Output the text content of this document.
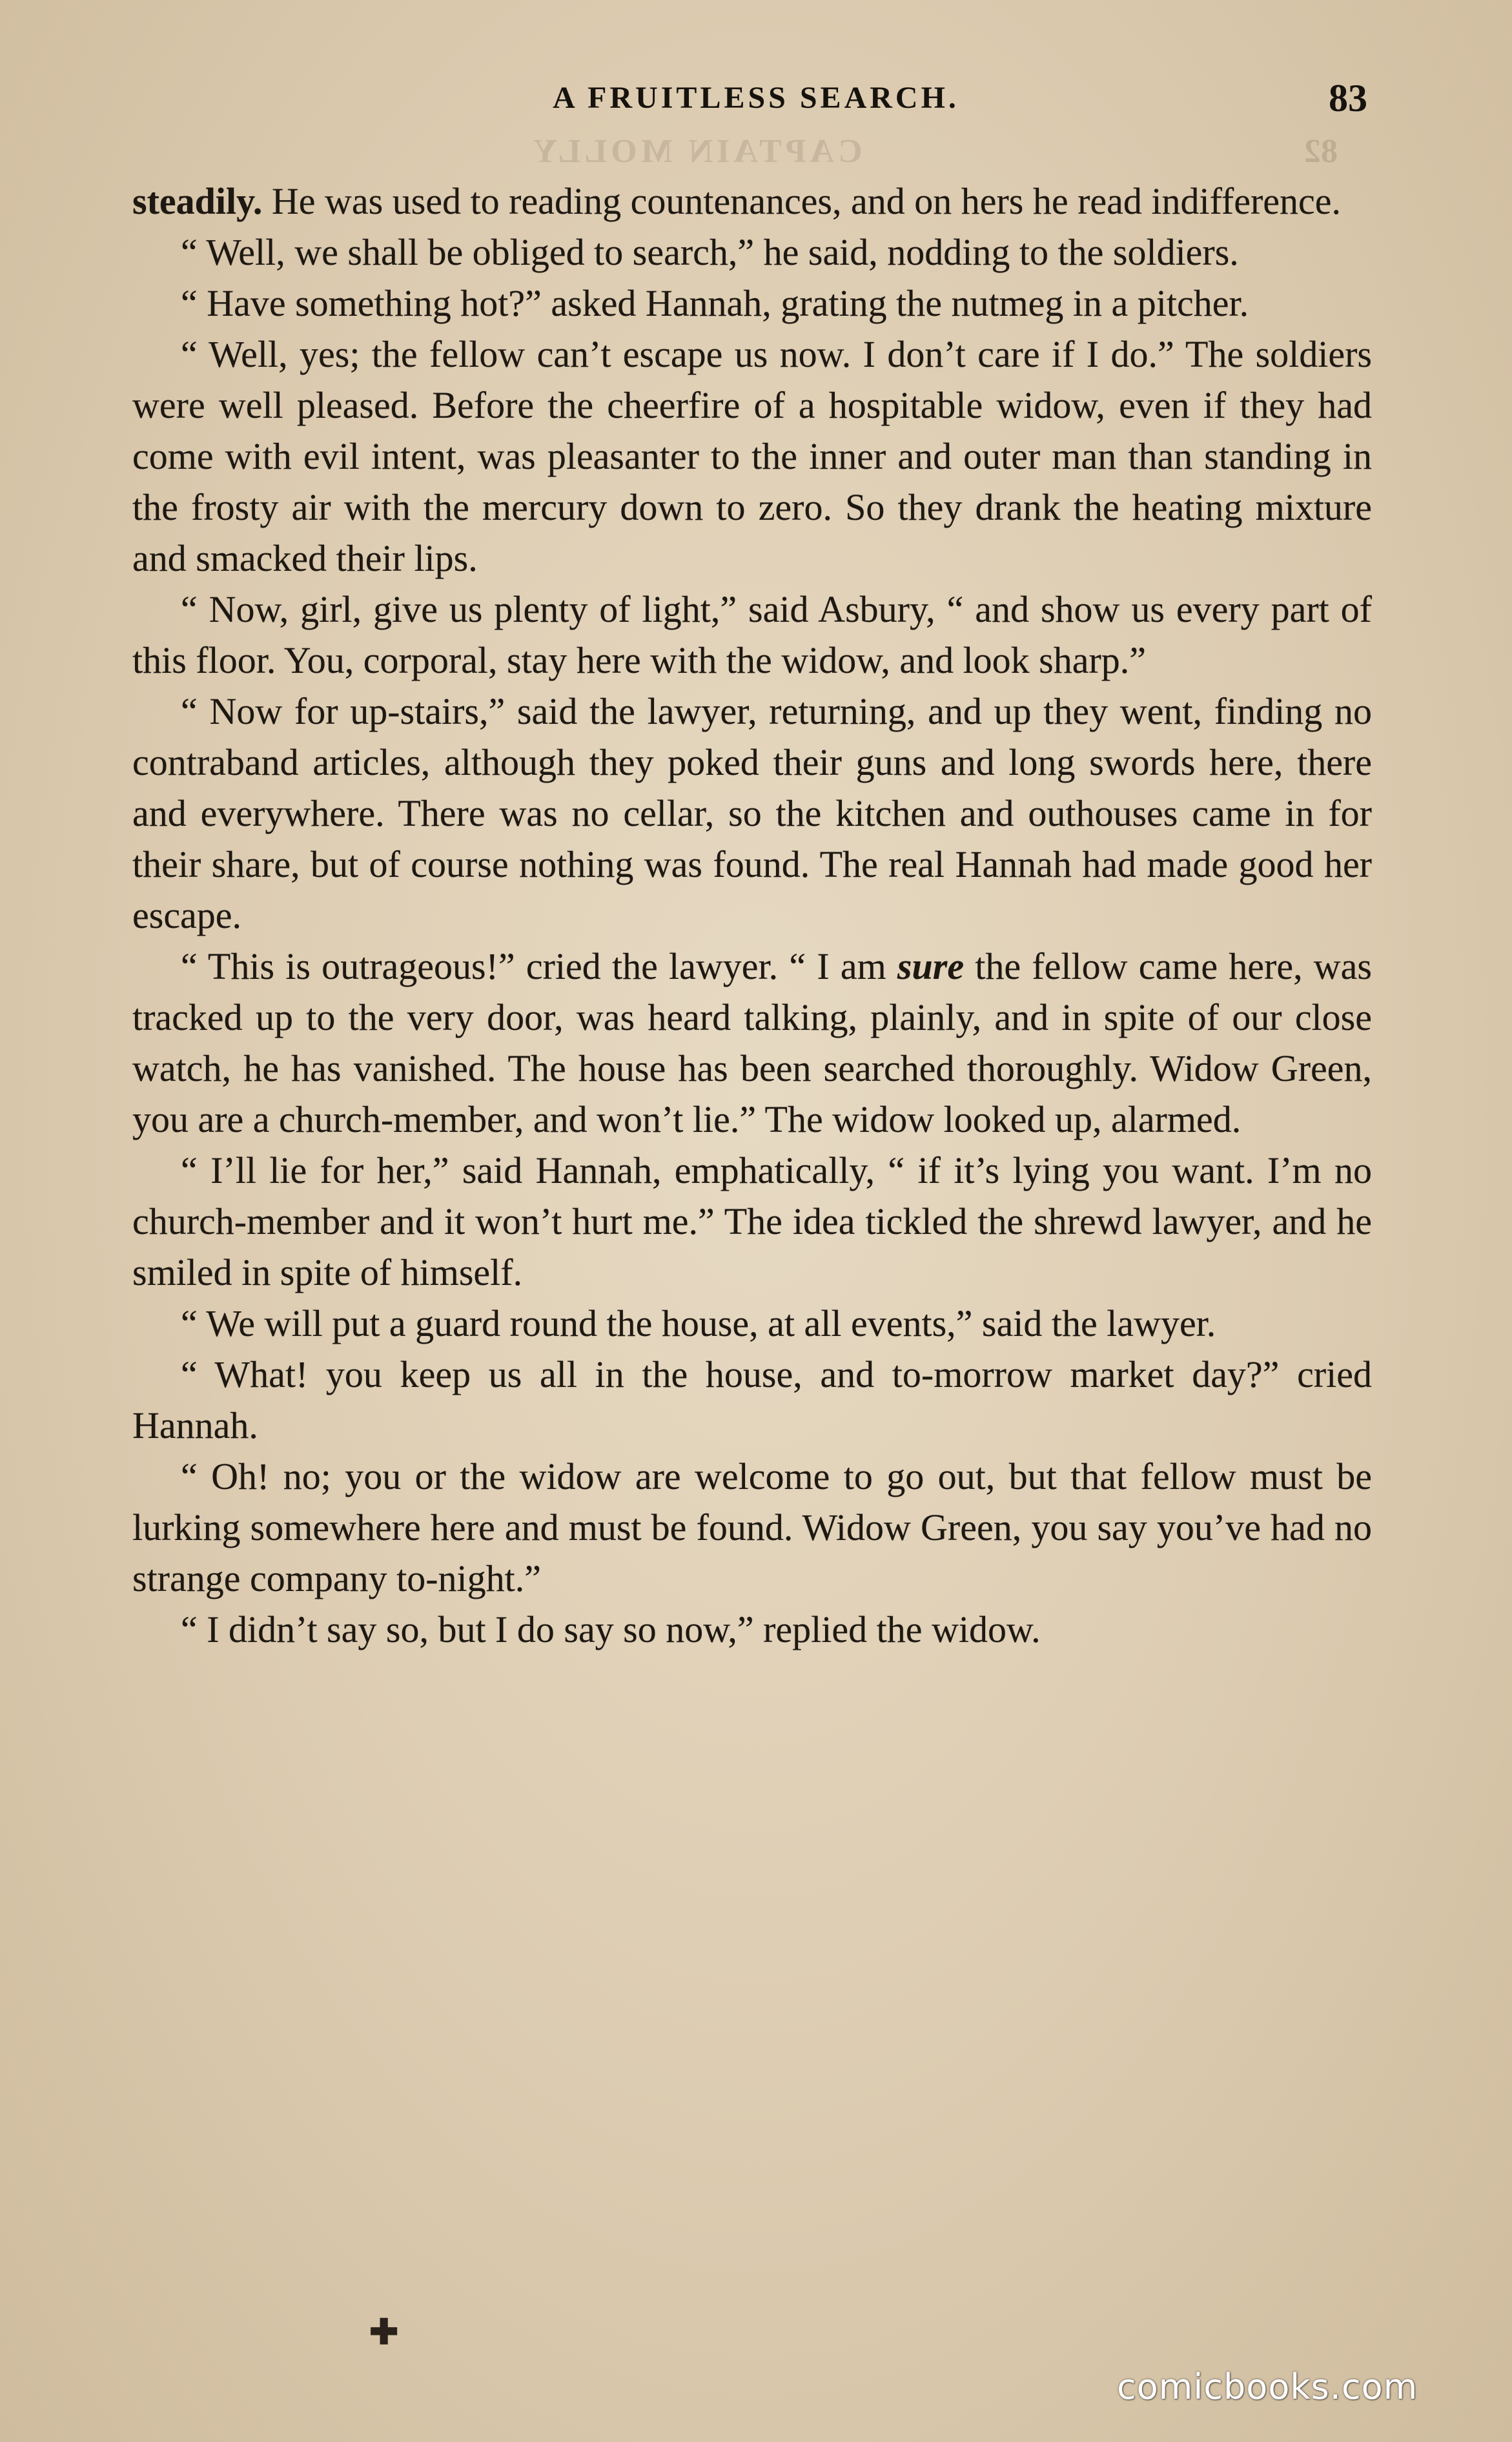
CAPTAIN MOLLY	82
A FRUITLESS SEARCH.	83

steadily. He was used to reading countenances, and on hers he read indifference.

“ Well, we shall be obliged to search,” he said, nodding to the soldiers.

“ Have something hot?” asked Hannah, grating the nutmeg in a pitcher.

“ Well, yes; the fellow can’t escape us now. I don’t care if I do.” The soldiers were well pleased. Before the cheerfire of a hospitable widow, even if they had come with evil intent, was pleasanter to the inner and outer man than standing in the frosty air with the mercury down to zero. So they drank the heating mixture and smacked their lips.

“ Now, girl, give us plenty of light,” said Asbury, “ and show us every part of this floor. You, corporal, stay here with the widow, and look sharp.”

“ Now for up-stairs,” said the lawyer, returning, and up they went, finding no contraband articles, although they poked their guns and long swords here, there and everywhere. There was no cellar, so the kitchen and outhouses came in for their share, but of course nothing was found. The real Hannah had made good her escape.

“ This is outrageous!” cried the lawyer. “ I am sure the fellow came here, was tracked up to the very door, was heard talking, plainly, and in spite of our close watch, he has vanished. The house has been searched thoroughly. Widow Green, you are a church-member, and won’t lie.” The widow looked up, alarmed.

“ I’ll lie for her,” said Hannah, emphatically, “ if it’s lying you want. I’m no church-member and it won’t hurt me.” The idea tickled the shrewd lawyer, and he smiled in spite of himself.

“ We will put a guard round the house, at all events,” said the lawyer.

“ What! you keep us all in the house, and to-morrow market day?” cried Hannah.

“ Oh! no; you or the widow are welcome to go out, but that fellow must be lurking somewhere here and must be found. Widow Green, you say you’ve had no strange company to-night.”

“ I didn’t say so, but I do say so now,” replied the widow.

✚
comicbooks.com
